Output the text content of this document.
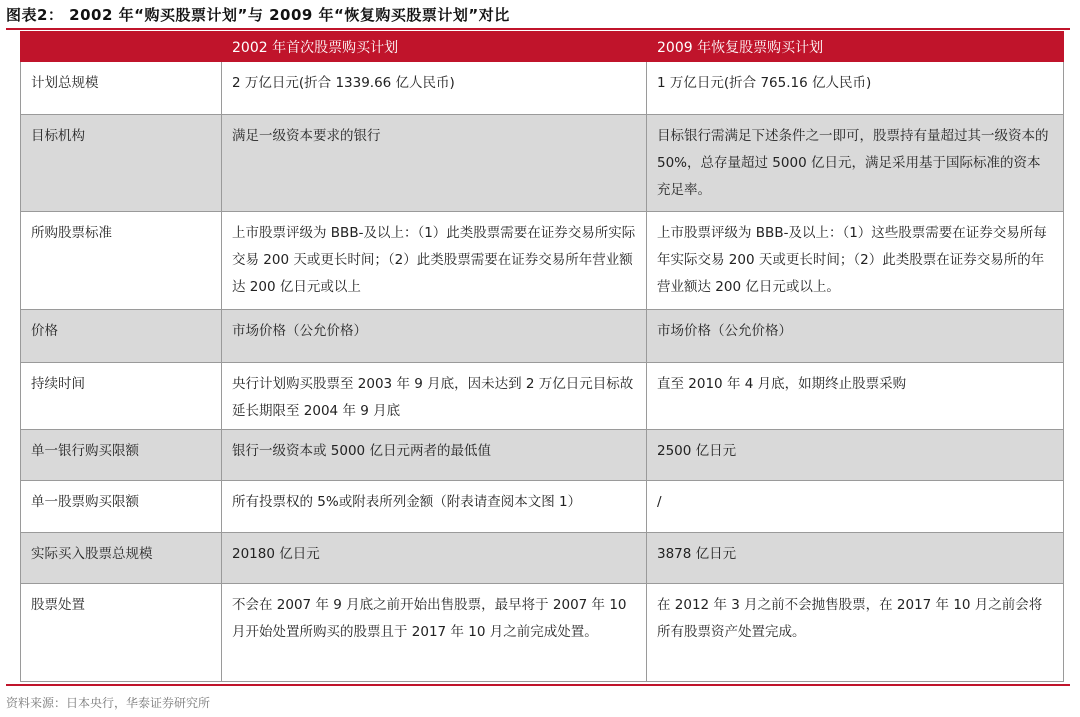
图表2： 2002 年“购买股票计划”与 2009 年“恢复购买股票计划”对比
	2002 年首次股票购买计划	2009 年恢复股票购买计划
计划总规模	2 万亿日元(折合 1339.66 亿人民币)	1 万亿日元(折合 765.16 亿人民币)
目标机构	满足一级资本要求的银行	目标银行需满足下述条件之一即可，股票持有量超过其一级资本的 50%，总存量超过 5000 亿日元，满足采用基于国际标准的资本充足率。
所购股票标准	上市股票评级为 BBB-及以上：（1）此类股票需要在证券交易所实际交易 200 天或更长时间；（2）此类股票需要在证券交易所年营业额达 200 亿日元或以上	上市股票评级为 BBB-及以上：（1）这些股票需要在证券交易所每年实际交易 200 天或更长时间；（2）此类股票在证券交易所的年营业额达 200 亿日元或以上。
价格	市场价格（公允价格）	市场价格（公允价格）
持续时间	央行计划购买股票至 2003 年 9 月底，因未达到 2 万亿日元目标故延长期限至 2004 年 9 月底	直至 2010 年 4 月底，如期终止股票采购
单一银行购买限额	银行一级资本或 5000 亿日元两者的最低值	2500 亿日元
单一股票购买限额	所有投票权的 5%或附表所列金额（附表请查阅本文图 1）	/
实际买入股票总规模	20180 亿日元	3878 亿日元
股票处置	不会在 2007 年 9 月底之前开始出售股票，最早将于 2007 年 10 月开始处置所购买的股票且于 2017 年 10 月之前完成处置。	在 2012 年 3 月之前不会抛售股票，在 2017 年 10 月之前会将所有股票资产处置完成。
资料来源：日本央行，华泰证券研究所
